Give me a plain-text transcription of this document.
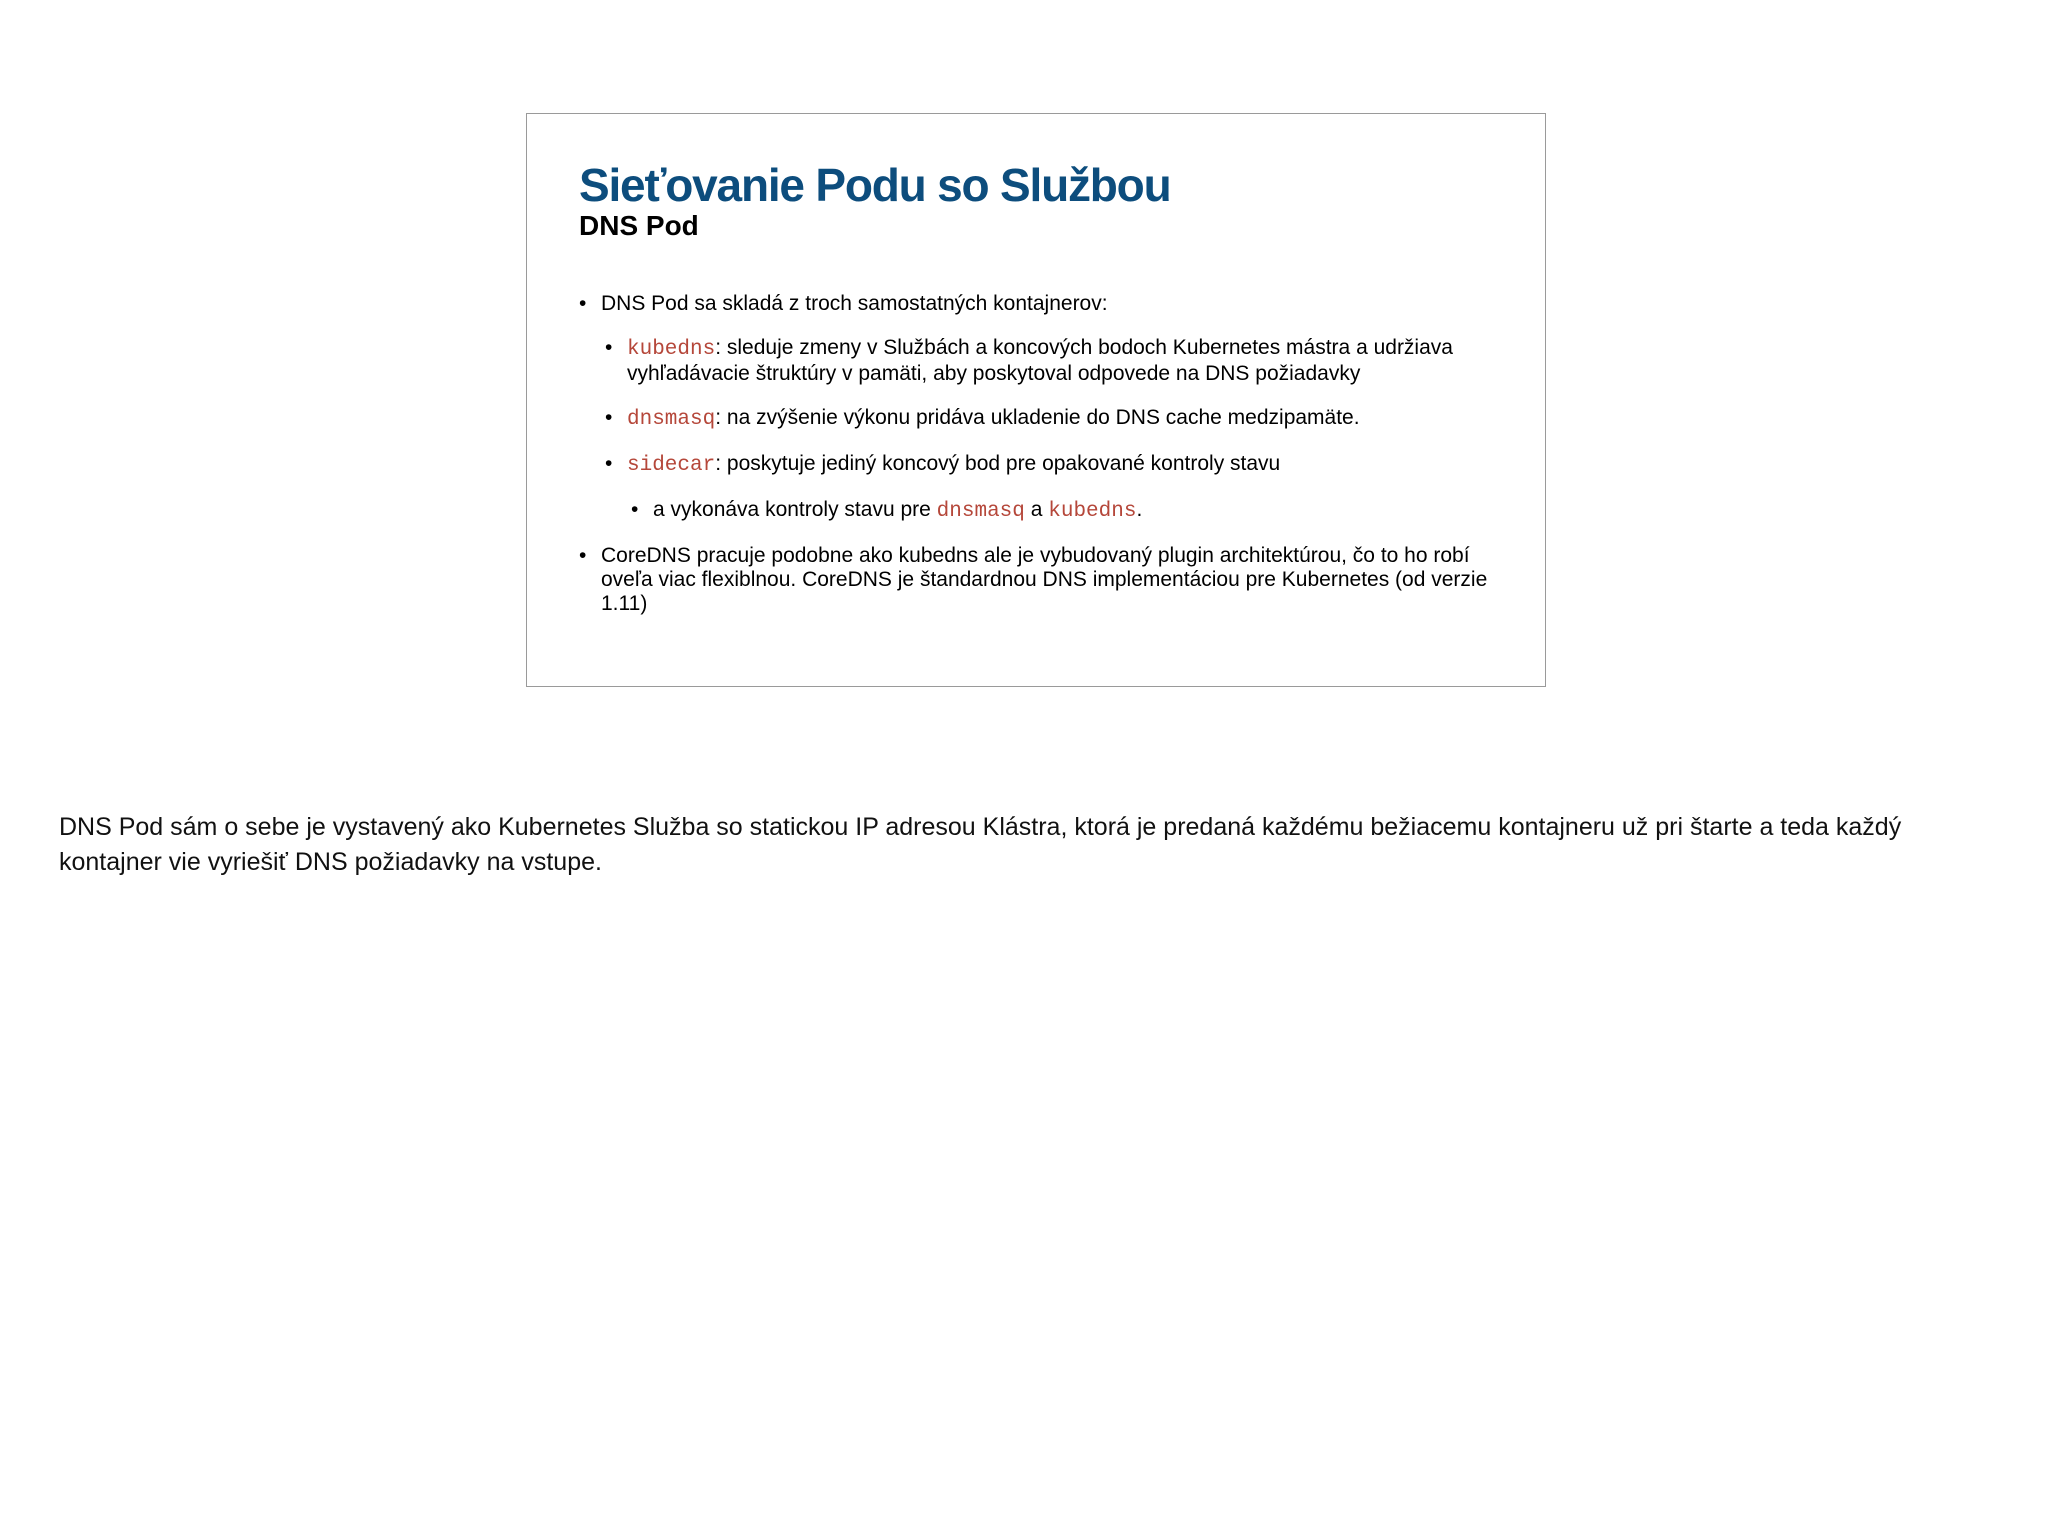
Sieťovanie Podu so Službou
DNS Pod
• DNS Pod sa skladá z troch samostatných kontajnerov:
• kubedns: sleduje zmeny v Službách a koncových bodoch Kubernetes mástra a udržiava vyhľadávacie štruktúry v pamäti, aby poskytoval odpovede na DNS požiadavky
• dnsmasq: na zvýšenie výkonu pridáva ukladenie do DNS cache medzipamäte.
• sidecar: poskytuje jediný koncový bod pre opakované kontroly stavu
• a vykonáva kontroly stavu pre dnsmasq a kubedns.
• CoreDNS pracuje podobne ako kubedns ale je vybudovaný plugin architektúrou, čo to ho robí oveľa viac flexiblnou. CoreDNS je štandardnou DNS implementáciou pre Kubernetes (od verzie 1.11)

DNS Pod sám o sebe je vystavený ako Kubernetes Služba so statickou IP adresou Klástra, ktorá je predaná každému bežiacemu kontajneru už pri štarte a teda každý kontajner vie vyriešiť DNS požiadavky na vstupe.
